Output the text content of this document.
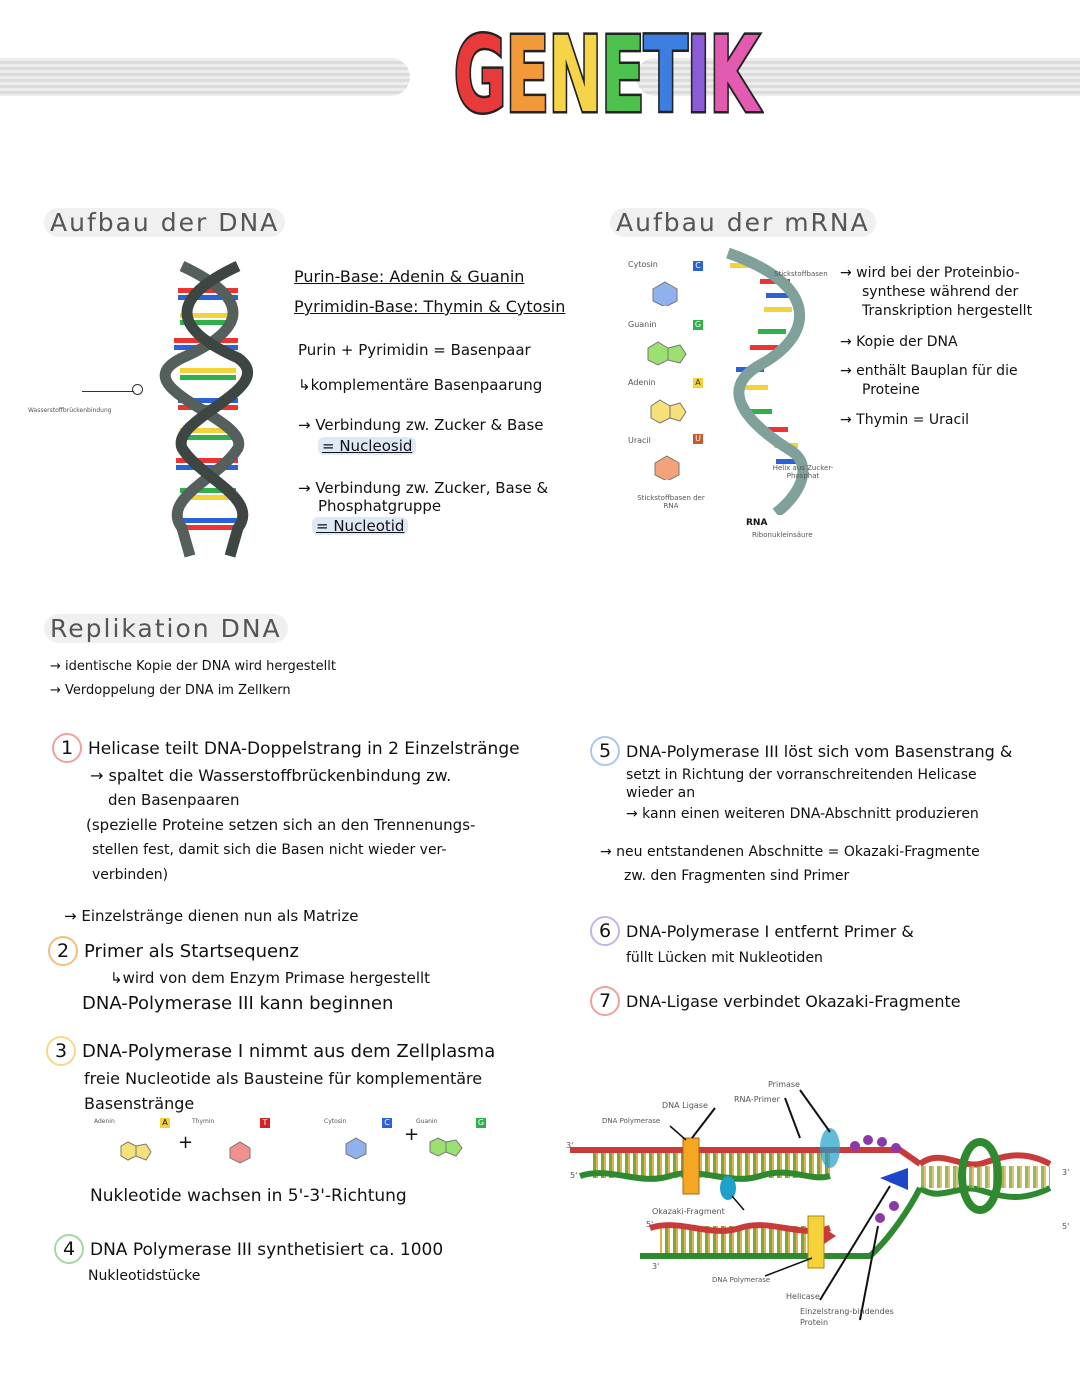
GENETIK
Aufbau der DNA
Wasserstoffbrückenbindung
Purin-Base: Adenin & Guanin
Pyrimidin-Base: Thymin & Cytosin
Purin + Pyrimidin = Basenpaar
↳komplementäre Basenpaarung
→ Verbindung zw. Zucker & Base
= Nucleosid
→ Verbindung zw. Zucker, Base &
Phosphatgruppe
= Nucleotid
Aufbau der mRNA
Cytosin	C
Guanin	G
Adenin	A
Uracil	U
Stickstoffbasen der RNA
Stickstoffbasen
Helix aus Zucker-Phosphat
RNA
Ribonukleinsäure
→ wird bei der Proteinbio-
synthese während der
Transkription hergestellt
→ Kopie der DNA
→ enthält Bauplan für die
Proteine
→ Thymin = Uracil
Replikation DNA
→ identische Kopie der DNA wird hergestellt
→ Verdoppelung der DNA im Zellkern
1 Helicase teilt DNA-Doppelstrang in 2 Einzelstränge
→ spaltet die Wasserstoffbrückenbindung zw.
den Basenpaaren
(spezielle Proteine setzen sich an den Trennenungs-
stellen fest, damit sich die Basen nicht wieder ver-
verbinden)
→ Einzelstränge dienen nun als Matrize
2 Primer als Startsequenz
↳wird von dem Enzym Primase hergestellt
DNA-Polymerase III kann beginnen
3 DNA-Polymerase I nimmt aus dem Zellplasma
freie Nucleotide als Bausteine für komplementäre
Basenstränge
Adenin	A
+
Thymin	T	Cytosin	C
+
Guanin	G
Nukleotide wachsen in 5'-3'-Richtung
4 DNA Polymerase III synthetisiert ca. 1000
Nukleotidstücke
5 DNA-Polymerase III löst sich vom Basenstrang &
setzt in Richtung der vorranschreitenden Helicase
wieder an
→ kann einen weiteren DNA-Abschnitt produzieren
→ neu entstandenen Abschnitte = Okazaki-Fragmente
zw. den Fragmenten sind Primer
6 DNA-Polymerase I entfernt Primer &
füllt Lücken mit Nukleotiden
7 DNA-Ligase verbindet Okazaki-Fragmente
Primase
RNA-Primer
DNA Ligase
DNA Polymerase
Okazaki-Fragment
DNA Polymerase
Helicase
Einzelstrang-bindendes Protein
3'
5'
5'
3'
3'
5'
